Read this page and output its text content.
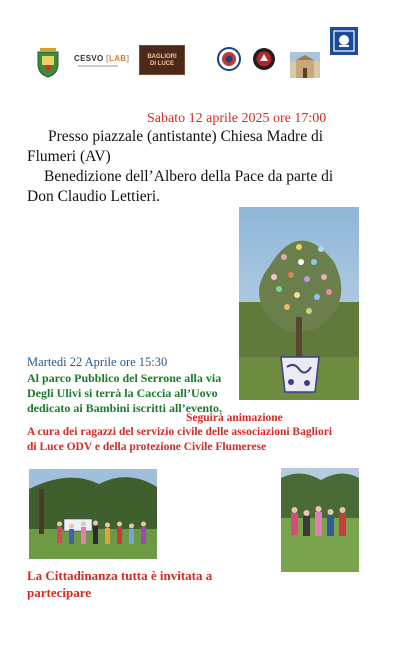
CESVO [LAB]	BAGLIORI
DI LUCE
Sabato 12 aprile 2025 ore 17:00
Presso piazzale (antistante) Chiesa Madre di
Flumeri (AV)
Benedizione dell’Albero della Pace da parte di
Don Claudio Lettieri.
Martedì 22 Aprile ore 15:30
Al parco Pubblico del Serrone alla via
Degli Ulivi si terrà la Caccia all’Uovo
dedicato ai Bambini iscritti all’evento.
Seguirà animazione
A cura dei ragazzi del servizio civile delle associazioni Bagliori
di Luce ODV e della protezione Civile Flumerese
La Cittadinanza tutta è invitata a
partecipare
